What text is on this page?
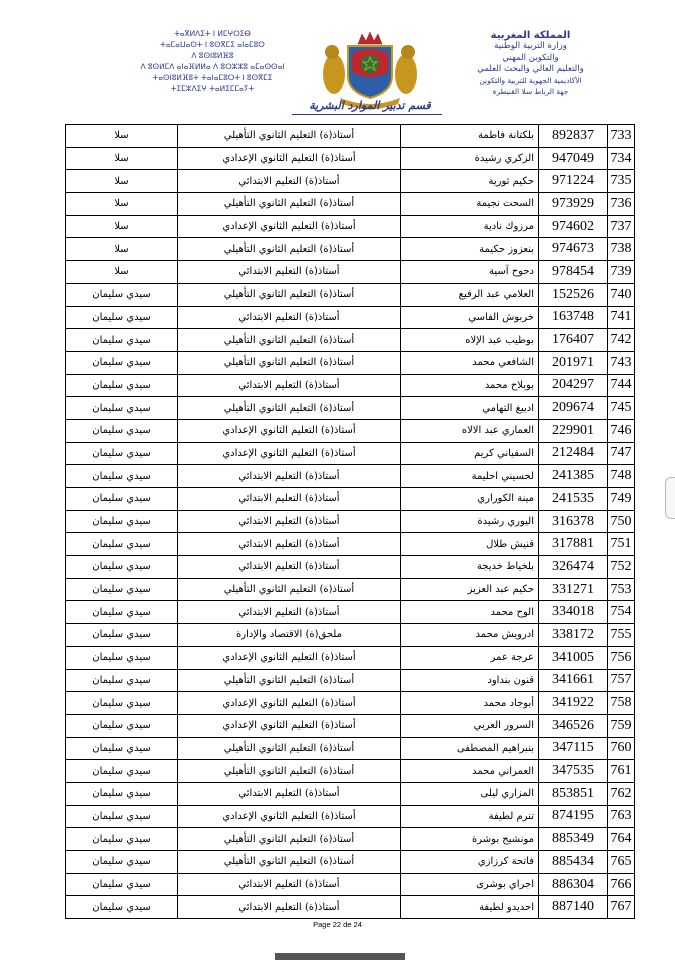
ⵜⴰⴳⵍⴷⵉⵜ ⵏ ⵍⵎⵖⵔⵉⴱ
ⵜⴰⵎⴰⵡⴰⵙⵜ ⵏ ⵓⵙⴳⵎⵉ ⴰⵏⴰⵎⵓⵔ
ⴷ ⵓⵙⵏⵓⵍⴼⵓ
ⴷ ⵓⵙⵍⵎⴷ ⴰⵏⴰⴼⵍⵍⴰ ⴷ ⵓⵔⵣⵣⵓ ⴰⵎⴰⵙⵙⴰⵏ
ⵜⴰⵙⵏⵓⵍⴼⵓⵜ ⵜⴰⵏⴰⵎⵓⵔⵜ ⵏ ⵓⵙⴳⵎⵉ
ⵜⵉⵎⵣⴷⵉⵖ ⵜⴰⵍⵉⵎⵎⴰⵢⵜ
المملكة المغربية
وزارة التربية الوطنية
والتكوين المهني
والتعليم العالي والبحث العلمي
الأكاديمية الجهوية للتربية والتكوين
جهة الرباط سلا القنيطرة
قسم تدبير الموارد البشرية
سلا	أستاذ(ة) التعليم الثانوي التأهيلي	بلكتانة فاطمة	892837	733
سلا	أستاذ(ة) التعليم الثانوي الإعدادي	الزكري رشيدة	947049	734
سلا	أستاذ(ة) التعليم الابتدائي	حكيم ثورية	971224	735
سلا	أستاذ(ة) التعليم الثانوي التأهيلي	السحت نجيمة	973929	736
سلا	أستاذ(ة) التعليم الثانوي الإعدادي	مرزوك نادية	974602	737
سلا	أستاذ(ة) التعليم الثانوي التأهيلي	بنعزوز حكيمة	974673	738
سلا	أستاذ(ة) التعليم الابتدائي	دحوح آسية	978454	739
سيدي سليمان	أستاذ(ة) التعليم الثانوي التأهيلي	العلامي عبد الرفيع	152526	740
سيدي سليمان	أستاذ(ة) التعليم الابتدائي	خربوش الفاسي	163748	741
سيدي سليمان	أستاذ(ة) التعليم الثانوي التأهيلي	بوطيب عبد الإلاه	176407	742
سيدي سليمان	أستاذ(ة) التعليم الثانوي التأهيلي	الشافعي محمد	201971	743
سيدي سليمان	أستاذ(ة) التعليم الابتدائي	بوبلاح محمد	204297	744
سيدي سليمان	أستاذ(ة) التعليم الثانوي التأهيلي	اديبغ التهامي	209674	745
سيدي سليمان	أستاذ(ة) التعليم الثانوي الإعدادي	العماري عبد الالاه	229901	746
سيدي سليمان	أستاذ(ة) التعليم الثانوي الإعدادي	السفياني كريم	212484	747
سيدي سليمان	أستاذ(ة) التعليم الابتدائي	لحسيني احليمة	241385	748
سيدي سليمان	أستاذ(ة) التعليم الابتدائي	مينة الكوراري	241535	749
سيدي سليمان	أستاذ(ة) التعليم الابتدائي	اليوري رشيدة	316378	750
سيدي سليمان	أستاذ(ة) التعليم الابتدائي	قنيش طلال	317881	751
سيدي سليمان	أستاذ(ة) التعليم الابتدائي	بلخياط خديجة	326474	752
سيدي سليمان	أستاذ(ة) التعليم الثانوي التأهيلي	حكيم عبد العزيز	331271	753
سيدي سليمان	أستاذ(ة) التعليم الابتدائي	الوح محمد	334018	754
سيدي سليمان	ملحق(ة) الاقتصاد والإدارة	ادرويش محمد	338172	755
سيدي سليمان	أستاذ(ة) التعليم الثانوي الإعدادي	عرجة عمر	341005	756
سيدي سليمان	أستاذ(ة) التعليم الثانوي التأهيلي	قنون بنداود	341661	757
سيدي سليمان	أستاذ(ة) التعليم الثانوي الإعدادي	أبوجاد محمد	341922	758
سيدي سليمان	أستاذ(ة) التعليم الثانوي الإعدادي	السرور العربي	346526	759
سيدي سليمان	أستاذ(ة) التعليم الثانوي التأهيلي	بنبراهيم المصطفى	347115	760
سيدي سليمان	أستاذ(ة) التعليم الثانوي التأهيلي	العمراني محمد	347535	761
سيدي سليمان	أستاذ(ة) التعليم الابتدائي	المزاري ليلى	853851	762
سيدي سليمان	أستاذ(ة) التعليم الثانوي الإعدادي	تنرم لطيفة	874195	763
سيدي سليمان	أستاذ(ة) التعليم الثانوي التأهيلي	مونشيح بوشرة	885349	764
سيدي سليمان	أستاذ(ة) التعليم الثانوي التأهيلي	فاتحة كرزازي	885434	765
سيدي سليمان	أستاذ(ة) التعليم الابتدائي	اجراي بوشرى	886304	766
سيدي سليمان	أستاذ(ة) التعليم الابتدائي	احديدو لطيفة	887140	767
Page 22 de 24
